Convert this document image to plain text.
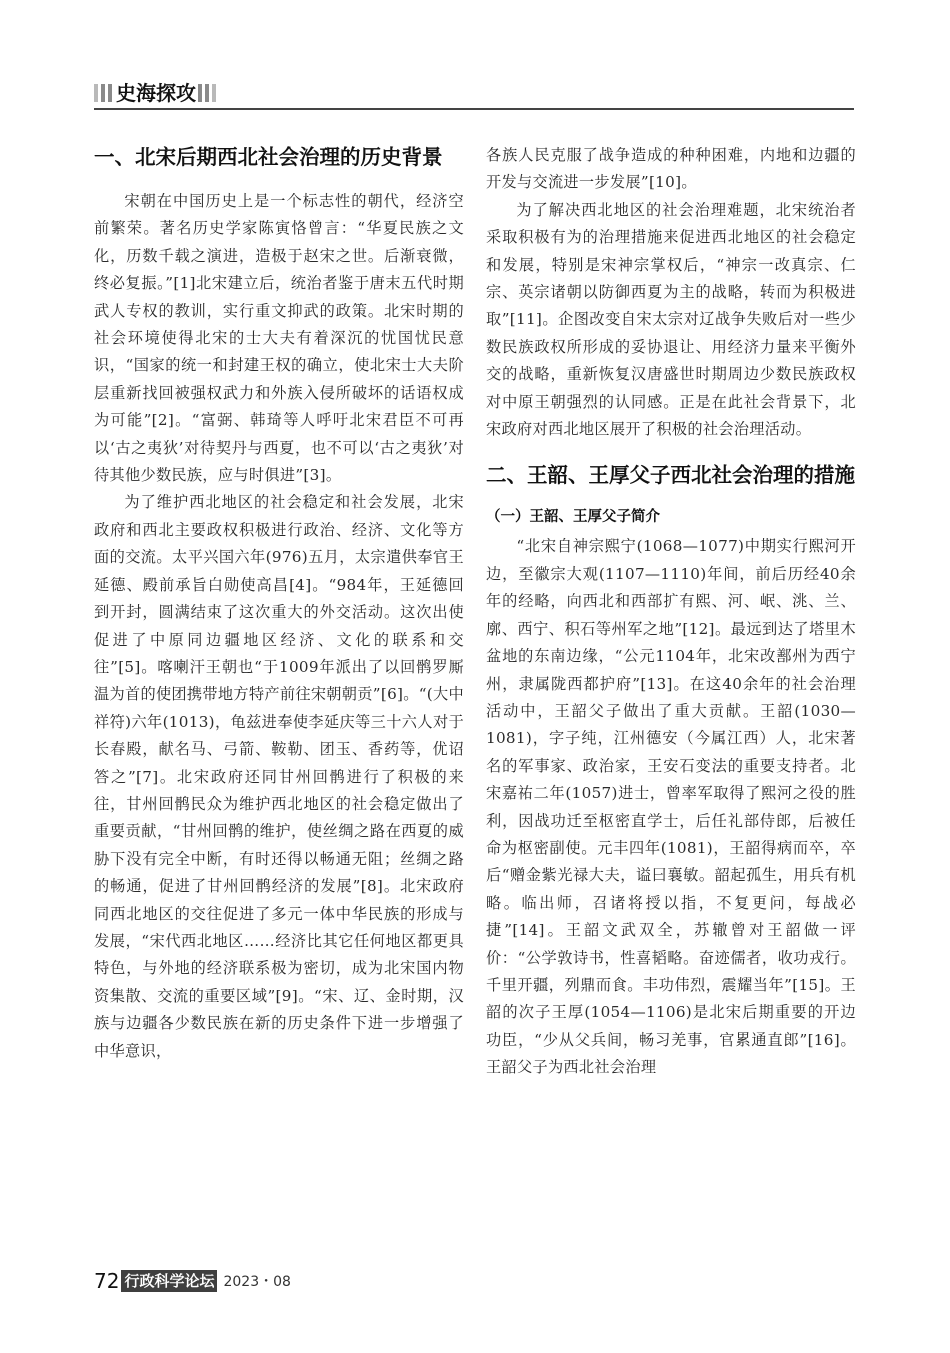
史海探攻
一、北宋后期西北社会治理的历史背景

宋朝在中国历史上是一个标志性的朝代，经济空前繁荣。著名历史学家陈寅恪曾言：“华夏民族之文化，历数千载之演进，造极于赵宋之世。后渐衰微，终必复振。”[1]北宋建立后，统治者鉴于唐末五代时期武人专权的教训，实行重文抑武的政策。北宋时期的社会环境使得北宋的士大夫有着深沉的忧国忧民意识，“国家的统一和封建王权的确立，使北宋士大夫阶层重新找回被强权武力和外族入侵所破坏的话语权成为可能”[2]。“富弼、韩琦等人呼吁北宋君臣不可再以‘古之夷狄’对待契丹与西夏，也不可以‘古之夷狄’对待其他少数民族，应与时俱进”[3]。

为了维护西北地区的社会稳定和社会发展，北宋政府和西北主要政权积极进行政治、经济、文化等方面的交流。太平兴国六年(976)五月，太宗遣供奉官王延德、殿前承旨白勋使高昌[4]。“984年，王延德回到开封，圆满结束了这次重大的外交活动。这次出使促进了中原同边疆地区经济、文化的联系和交往”[5]。喀喇汗王朝也“于1009年派出了以回鹘罗厮温为首的使团携带地方特产前往宋朝朝贡”[6]。“(大中祥符)六年(1013)，龟兹进奉使李延庆等三十六人对于长春殿，献名马、弓箭、鞍勒、团玉、香药等，优诏答之”[7]。北宋政府还同甘州回鹘进行了积极的来往，甘州回鹘民众为维护西北地区的社会稳定做出了重要贡献，“甘州回鹘的维护，使丝绸之路在西夏的威胁下没有完全中断，有时还得以畅通无阻；丝绸之路的畅通，促进了甘州回鹘经济的发展”[8]。北宋政府同西北地区的交往促进了多元一体中华民族的形成与发展，“宋代西北地区……经济比其它任何地区都更具特色，与外地的经济联系极为密切，成为北宋国内物资集散、交流的重要区域”[9]。“宋、辽、金时期，汉族与边疆各少数民族在新的历史条件下进一步增强了中华意识，

各族人民克服了战争造成的种种困难，内地和边疆的开发与交流进一步发展”[10]。

为了解决西北地区的社会治理难题，北宋统治者采取积极有为的治理措施来促进西北地区的社会稳定和发展，特别是宋神宗掌权后，“神宗一改真宗、仁宗、英宗诸朝以防御西夏为主的战略，转而为积极进取”[11]。企图改变自宋太宗对辽战争失败后对一些少数民族政权所形成的妥协退让、用经济力量来平衡外交的战略，重新恢复汉唐盛世时期周边少数民族政权对中原王朝强烈的认同感。正是在此社会背景下，北宋政府对西北地区展开了积极的社会治理活动。

二、王韶、王厚父子西北社会治理的措施
（一）王韶、王厚父子简介

“北宋自神宗熙宁(1068—1077)中期实行熙河开边，至徽宗大观(1107—1110)年间，前后历经40余年的经略，向西北和西部扩有熙、河、岷、洮、兰、廓、西宁、积石等州军之地”[12]。最远到达了塔里木盆地的东南边缘，“公元1104年，北宋改鄯州为西宁州，隶属陇西都护府”[13]。在这40余年的社会治理活动中，王韶父子做出了重大贡献。王韶(1030—1081)，字子纯，江州德安（今属江西）人，北宋著名的军事家、政治家，王安石变法的重要支持者。北宋嘉祐二年(1057)进士，曾率军取得了熙河之役的胜利，因战功迁至枢密直学士，后任礼部侍郎，后被任命为枢密副使。元丰四年(1081)，王韶得病而卒，卒后“赠金紫光禄大夫，谥曰襄敏。韶起孤生，用兵有机略。临出师，召诸将授以指，不复更问，每战必捷”[14]。王韶文武双全，苏辙曾对王韶做一评价：“公学敦诗书，性喜韬略。奋迹儒者，收功戎行。千里开疆，列鼎而食。丰功伟烈，震耀当年”[15]。王韶的次子王厚(1054—1106)是北宋后期重要的开边功臣，“少从父兵间，畅习羌事，官累通直郎”[16]。王韶父子为西北社会治理

72 行政科学论坛 2023・08
